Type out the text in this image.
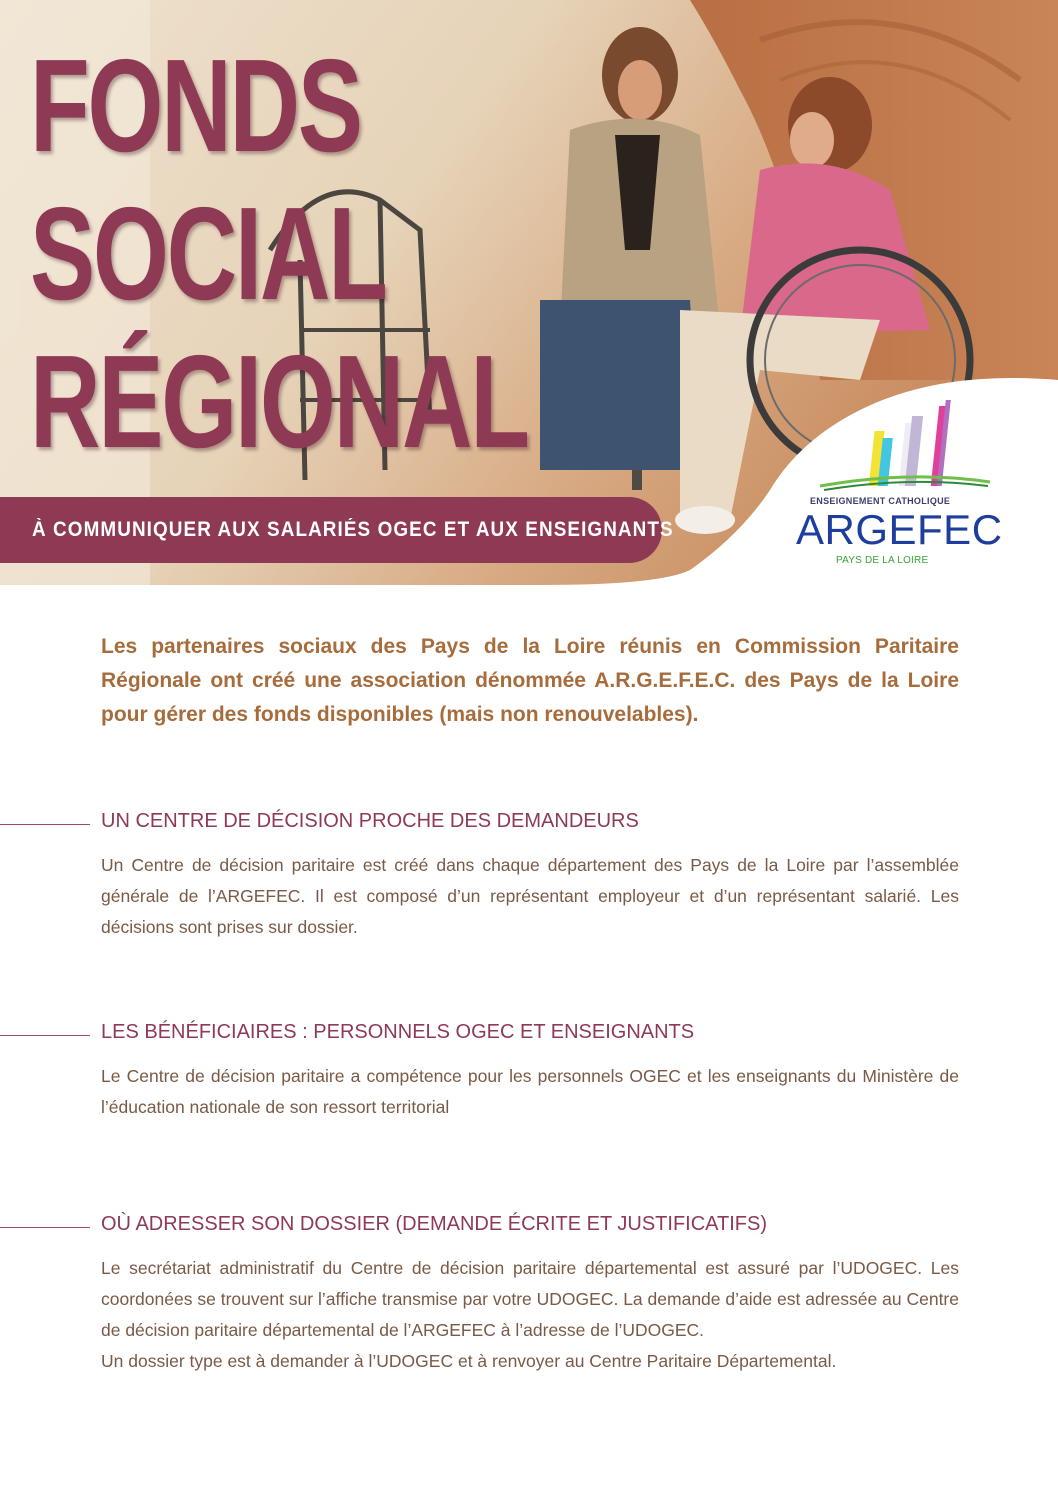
FONDS
SOCIAL
RÉGIONAL
À COMMUNIQUER AUX SALARIÉS OGEC ET AUX ENSEIGNANTS
ENSEIGNEMENT CATHOLIQUE
ARGEFEC
PAYS DE LA LOIRE

Les partenaires sociaux des Pays de la Loire réunis en Commission Paritaire Régionale ont créé une association dénommée A.R.G.E.F.E.C. des Pays de la Loire pour gérer des fonds disponibles (mais non renouvelables).

UN CENTRE DE DÉCISION PROCHE DES DEMANDEURS

Un Centre de décision paritaire est créé dans chaque département des Pays de la Loire par l’assemblée générale de l’ARGEFEC. Il est composé d’un représentant employeur et d’un représentant salarié. Les décisions sont prises sur dossier.

LES BÉNÉFICIAIRES : PERSONNELS OGEC ET ENSEIGNANTS

Le Centre de décision paritaire a compétence pour les personnels OGEC et les enseignants du Ministère de l’éducation nationale de son ressort territorial

OÙ ADRESSER SON DOSSIER (DEMANDE ÉCRITE ET JUSTIFICATIFS)

Le secrétariat administratif du Centre de décision paritaire départemental est assuré par l’UDOGEC. Les coordonées se trouvent sur l’affiche transmise par votre UDOGEC. La demande d’aide est adressée au Centre de décision paritaire départemental de l’ARGEFEC à l’adresse de l’UDOGEC.

Un dossier type est à demander à l’UDOGEC et à renvoyer au Centre Paritaire Départemental.
